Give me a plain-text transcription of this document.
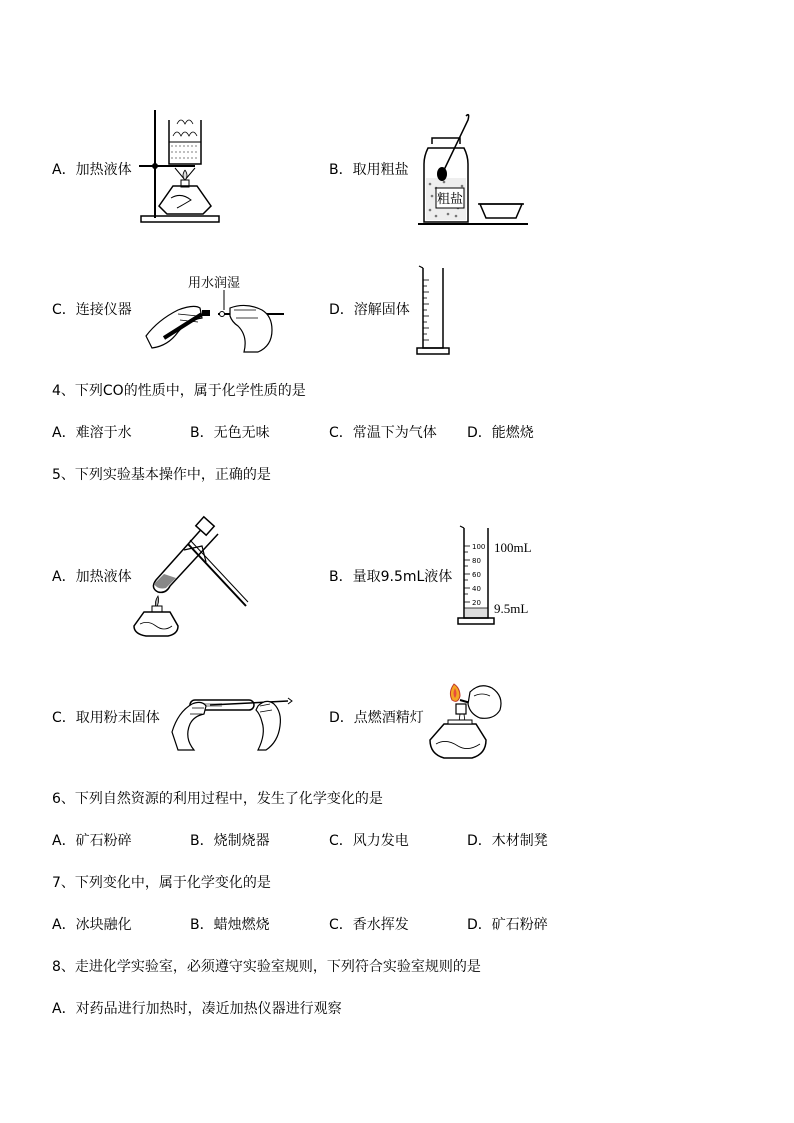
A．加热液体	B．取用粗盐
粗盐
C．连接仪器
用水润湿
D．溶解固体
4、下列CO的性质中，属于化学性质的是
A．难溶于水	B．无色无味	C．常温下为气体 D．能燃烧
5、下列实验基本操作中，正确的是
A．加热液体	B．量取9.5mL液体
100
80
60
40
20
100mL
9.5mL
C．取用粉末固体	D．点燃酒精灯
6、下列自然资源的利用过程中，发生了化学变化的是
A．矿石粉碎	B．烧制烧器	C．风力发电	D．木材制凳
7、下列变化中，属于化学变化的是
A．冰块融化	B．蜡烛燃烧	C．香水挥发	D．矿石粉碎
8、走进化学实验室，必须遵守实验室规则，下列符合实验室规则的是
A．对药品进行加热时，凑近加热仪器进行观察
